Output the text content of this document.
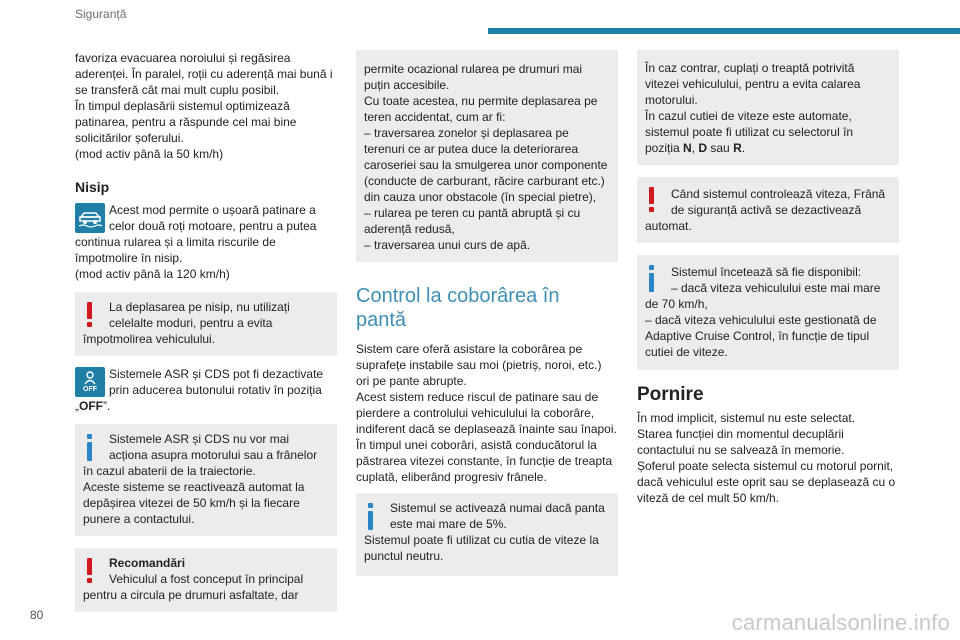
Siguranță

favoriza evacuarea noroiului și regăsirea

aderenței. În paralel, roții cu aderență mai bună i

se transferă cât mai mult cuplu posibil.

În timpul deplasării sistemul optimizează

patinarea, pentru a răspunde cel mai bine

solicitărilor șoferului.

(mod activ până la 50 km/h)

Nisip

Acest mod permite o ușoară patinare a

celor două roți motoare, pentru a putea

continua rularea și a limita riscurile de

împotmolire în nisip.

(mod activ până la 120 km/h)

La deplasarea pe nisip, nu utilizați

celelalte moduri, pentru a evita

împotmolirea vehiculului.

OFF

Sistemele ASR și CDS pot fi dezactivate

prin aducerea butonului rotativ în poziția

„OFF”.

Sistemele ASR și CDS nu vor mai

acționa asupra motorului sau a frânelor

în cazul abaterii de la traiectorie.

Aceste sisteme se reactivează automat la

depășirea vitezei de 50 km/h și la fiecare

punere a contactului.

Recomandări

Vehiculul a fost conceput în principal

pentru a circula pe drumuri asfaltate, dar

permite ocazional rularea pe drumuri mai

puțin accesibile.

Cu toate acestea, nu permite deplasarea pe

teren accidentat, cum ar fi:

– traversarea zonelor și deplasarea pe

terenuri ce ar putea duce la deteriorarea

caroseriei sau la smulgerea unor componente

(conducte de carburant, răcire carburant etc.)

din cauza unor obstacole (în special pietre),

– rularea pe teren cu pantă abruptă și cu

aderență redusă,

– traversarea unui curs de apă.

Control la coborârea în
pantă

Sistem care oferă asistare la coborârea pe

suprafețe instabile sau moi (pietriș, noroi, etc.)

ori pe pante abrupte.

Acest sistem reduce riscul de patinare sau de

pierdere a controlului vehiculului la coborâre,

indiferent dacă se deplasează înainte sau înapoi.

În timpul unei coborâri, asistă conducătorul la

păstrarea vitezei constante, în funcție de treapta

cuplată, eliberând progresiv frânele.

Sistemul se activează numai dacă panta

este mai mare de 5%.

Sistemul poate fi utilizat cu cutia de viteze la

punctul neutru.

În caz contrar, cuplați o treaptă potrivită

vitezei vehiculului, pentru a evita calarea

motorului.

În cazul cutiei de viteze este automate,

sistemul poate fi utilizat cu selectorul în

poziția N, D sau R.

Când sistemul controlează viteza, Frână

de siguranță activă se dezactivează

automat.

Sistemul încetează să fie disponibil:

– dacă viteza vehiculului este mai mare

de 70 km/h,

– dacă viteza vehiculului este gestionată de

Adaptive Cruise Control, în funcție de tipul

cutiei de viteze.

Pornire

În mod implicit, sistemul nu este selectat.

Starea funcției din momentul decuplării

contactului nu se salvează în memorie.

Șoferul poate selecta sistemul cu motorul pornit,

dacă vehiculul este oprit sau se deplasează cu o

viteză de cel mult 50 km/h.

80	carmanualsonline.info
